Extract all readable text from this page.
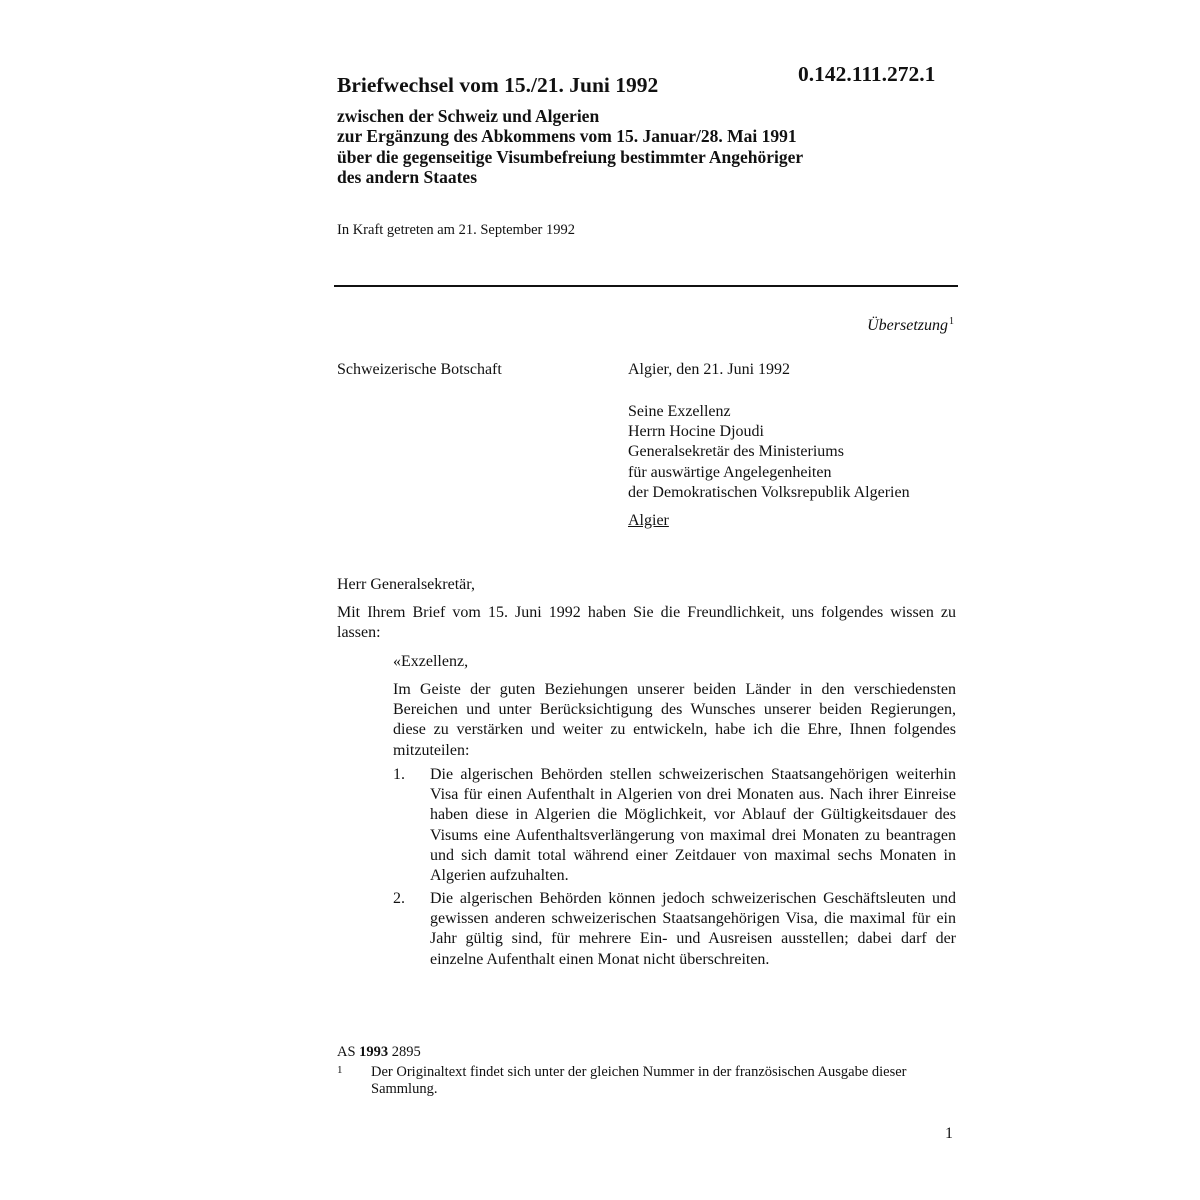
0.142.111.272.1
Briefwechsel vom 15./21. Juni 1992
zwischen der Schweiz und Algerien
zur Ergänzung des Abkommens vom 15. Januar/28. Mai 1991
über die gegenseitige Visumbefreiung bestimmter Angehöriger
des andern Staates
In Kraft getreten am 21. September 1992
Übersetzung$^1$
Schweizerische Botschaft	Algier, den 21. Juni 1992
Seine Exzellenz
Herrn Hocine Djoudi
Generalsekretär des Ministeriums
für auswärtige Angelegenheiten
der Demokratischen Volksrepublik Algerien
Algier
Herr Generalsekretär,
Mit Ihrem Brief vom 15. Juni 1992 haben Sie die Freundlichkeit, uns folgendes wissen zu lassen:
«Exzellenz,
Im Geiste der guten Beziehungen unserer beiden Länder in den verschiedensten Bereichen und unter Berücksichtigung des Wunsches unserer beiden Regierungen, diese zu verstärken und weiter zu entwickeln, habe ich die Ehre, Ihnen folgendes mitzuteilen:
1. Die algerischen Behörden stellen schweizerischen Staatsangehörigen weiterhin Visa für einen Aufenthalt in Algerien von drei Monaten aus. Nach ihrer Einreise haben diese in Algerien die Möglichkeit, vor Ablauf der Gültigkeitsdauer des Visums eine Aufenthaltsverlängerung von maximal drei Monaten zu beantragen und sich damit total während einer Zeitdauer von maximal sechs Monaten in Algerien aufzuhalten.
2. Die algerischen Behörden können jedoch schweizerischen Geschäftsleuten und gewissen anderen schweizerischen Staatsangehörigen Visa, die maximal für ein Jahr gültig sind, für mehrere Ein- und Ausreisen ausstellen; dabei darf der einzelne Aufenthalt einen Monat nicht überschreiten.
AS 1993 2895
1 Der Originaltext findet sich unter der gleichen Nummer in der französischen Ausgabe dieser Sammlung.
1
